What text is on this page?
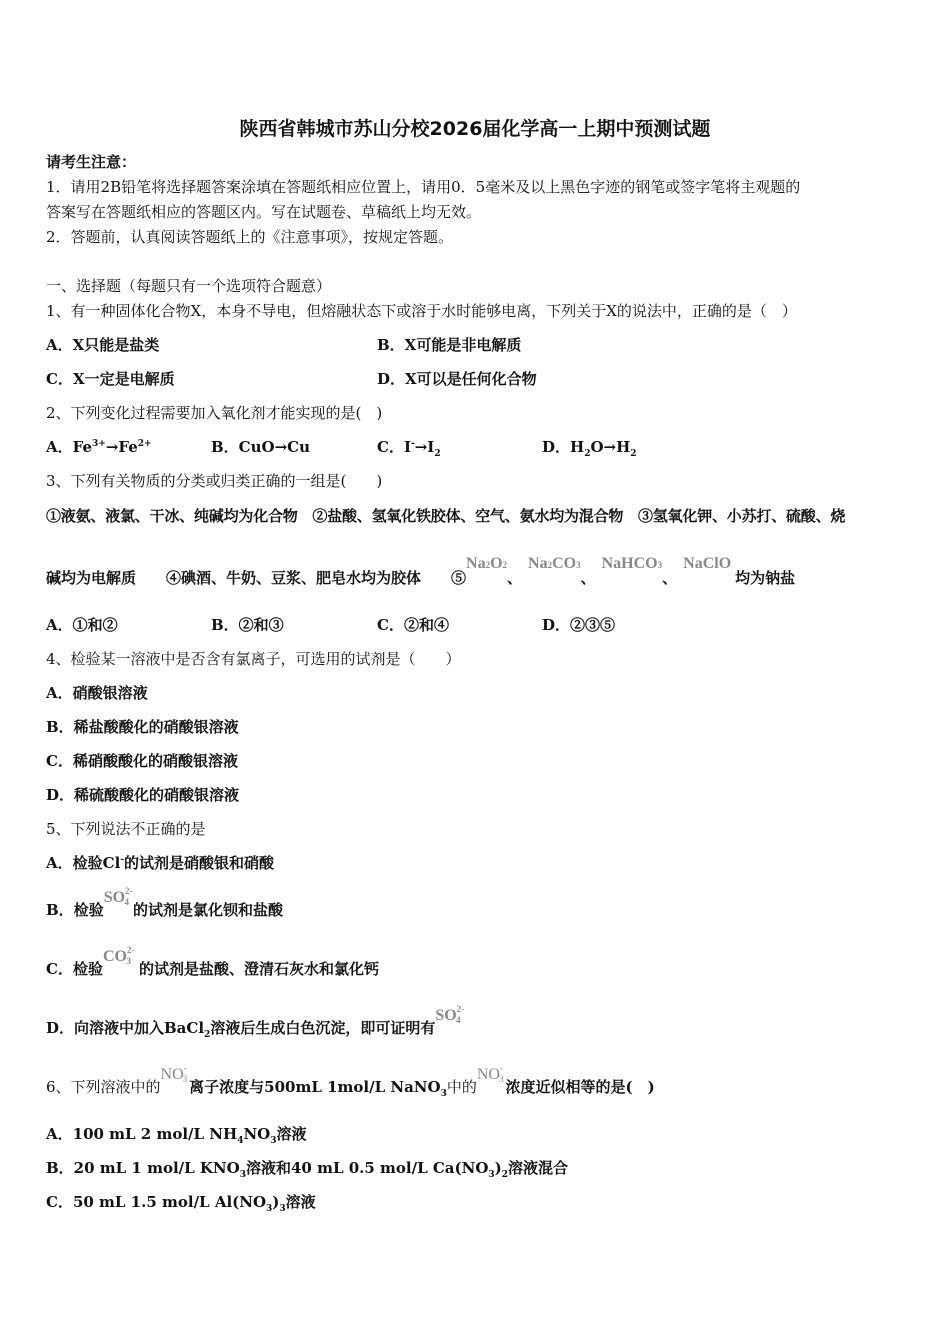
陕西省韩城市苏山分校2026届化学高一上期中预测试题
请考生注意：
1．请用2B铅笔将选择题答案涂填在答题纸相应位置上，请用0．5毫米及以上黑色字迹的钢笔或签字笔将主观题的
答案写在答题纸相应的答题区内。写在试题卷、草稿纸上均无效。
2．答题前，认真阅读答题纸上的《注意事项》，按规定答题。
一、选择题（每题只有一个选项符合题意）
1、有一种固体化合物X，本身不导电，但熔融状态下或溶于水时能够电离，下列关于X的说法中，正确的是（　）
A．X只能是盐类	B．X可能是非电解质
C．X一定是电解质	D．X可以是任何化合物
2、下列变化过程需要加入氧化剂才能实现的是(　)
A．$Fe^{3+}\to Fe^{2+}$	B．CuO→Cu	C．$I^-\to I_2$	D．$H_2O\to H_2$
3、下列有关物质的分类或归类正确的一组是(　　)
①液氨、液氯、干冰、纯碱均为化合物　②盐酸、氢氧化铁胶体、空气、氨水均为混合物　③氢氧化钾、小苏打、硫酸、烧
碱均为电解质　　④碘酒、牛奶、豆浆、肥皂水均为胶体　　⑤Na2O2、Na2CO3、NaHCO3、NaClO均为钠盐
A．①和②	B．②和③	C．②和④	D．②③⑤
4、检验某一溶液中是否含有氯离子，可选用的试剂是（　　）
A．硝酸银溶液
B．稀盐酸酸化的硝酸银溶液
C．稀硝酸酸化的硝酸银溶液
D．稀硫酸酸化的硝酸银溶液
5、下列说法不正确的是
A．检验Cl-的试剂是硝酸银和硝酸
B．检验$SO^{2-}4$ 的试剂是氯化钡和盐酸
C．检验$CO^{2-}3$ 的试剂是盐酸、澄清石灰水和氯化钙
D．向溶液中加入BaCl$_2$溶液后生成白色沉淀，即可证明有$SO^{2-}4$
6、下列溶液中的NO-3 离子浓度与500mL 1mol/L NaNO$_3$中的NO-3 浓度近似相等的是(　)
A．100 mL 2 mol/L $NH_4NO_3$溶液
B．20 mL 1 mol/L $KNO_3$溶液和40 mL 0.5 mol/L $Ca(NO_3)_2$溶液混合
C．50 mL 1.5 mol/L $Al(NO_3)_3$溶液
